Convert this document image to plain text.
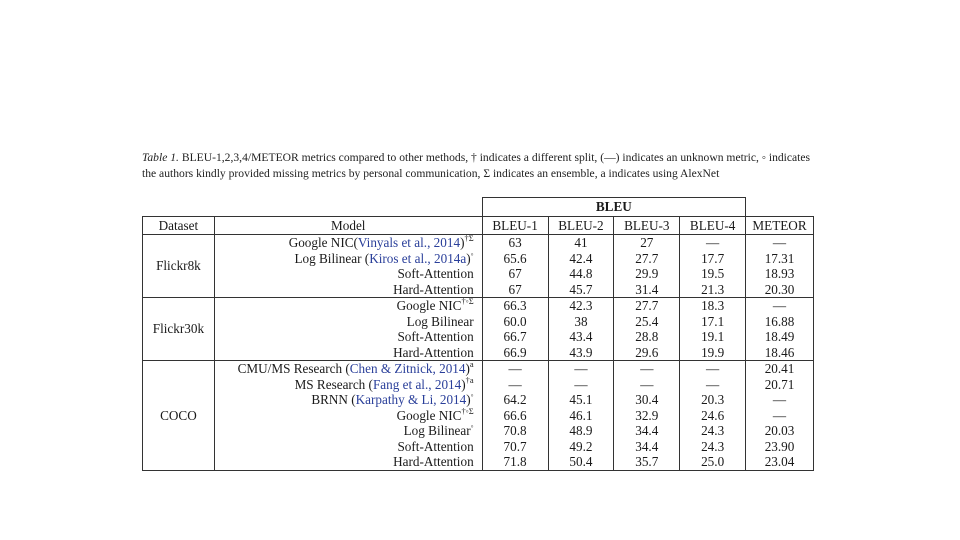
Table 1. BLEU-1,2,3,4/METEOR metrics compared to other methods, † indicates a different split, (—) indicates an unknown metric, ◦ indicates the authors kindly provided missing metrics by personal communication, Σ indicates an ensemble, a indicates using AlexNet
		BLEU				
Dataset	Model	BLEU-1	BLEU-2	BLEU-3	BLEU-4	METEOR
Flickr8k	Google NIC(Vinyals et al., 2014)$^{\dagger\Sigma}$	63	41	27	—	—
	Log Bilinear (Kiros et al., 2014a)◦	65.6	42.4	27.7	17.7	17.31
	Soft-Attention	67	44.8	29.9	19.5	18.93
	Hard-Attention	67	45.7	31.4	21.3	20.30
Flickr30k	Google $NIC^{\dagger◦\Sigma}$	66.3	42.3	27.7	18.3	—
	Log Bilinear	60.0	38	25.4	17.1	16.88
	Soft-Attention	66.7	43.4	28.8	19.1	18.49
	Hard-Attention	66.9	43.9	29.6	19.9	18.46
COCO	CMU/MS Research (Chen & Zitnick, 2014)$^a$	—	—	—	—	20.41
	MS Research (Fang et al., 2014)$^{\dagger a}$	—	—	—	—	20.71
	BRNN (Karpathy & Li, 2014)◦	64.2	45.1	30.4	20.3	—
	Google $NIC^{\dagger◦\Sigma}$	66.6	46.1	32.9	24.6	—
	Log Bilinear◦	70.8	48.9	34.4	24.3	20.03
	Soft-Attention	70.7	49.2	34.4	24.3	23.90
	Hard-Attention	71.8	50.4	35.7	25.0	23.04
